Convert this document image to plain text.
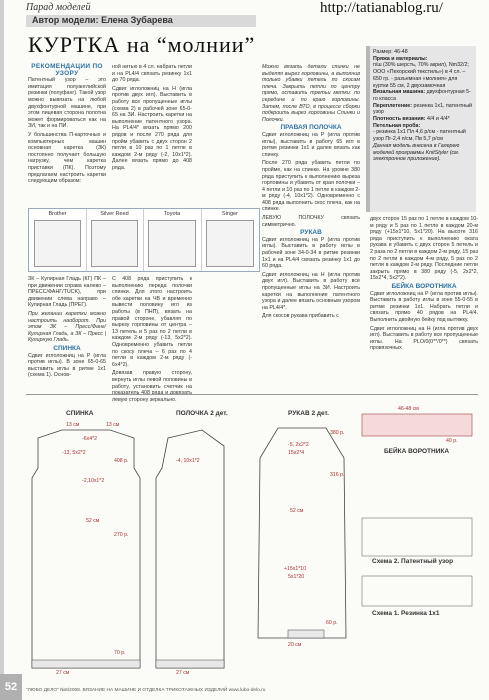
Парад моделей	http://tatianablog.ru/
Автор модели: Елена Зубарева
КУРТКА на “молнии”
РЕКОМЕНДАЦИИ ПО УЗОРУ

Патентный узор – это имитация полуанглийской резинки (полуфанг). Такой узор можно вывязать на любой двухфонтурной машине, при этом лицевая сторона полотна может формироваться как на ЗИ, так и на ПИ.

У большинства П-карточных и компьютерных машин основная каретка (ЗК) постоянно получает большую нагрузку, чем каретка приставки (ПК). Поэтому предлагаем настроить каретки следующим образом:

Brother	Silver Reed	Toyota	Singer

ЗК – Кулирная Гладь (КГ) ПК – при движении справа налево – ПРЕСС/ФАНГ/TUCK), при движении слева направо – Кулирная Гладь (ПРЕГ).

При желании каретки можно настроить наоборот. При этом ЗК – Пресс/Фанг/Кулирная Гладь, а ЗК – Пресс | Кулирную Гладь.

СПИНКА

Сдвиг иглоложниц на Р (игла против иглы). В зоне 65-0-65 выставить иглы в ритме 1х1 (схема 1). Основ-

ной нитью в 4 сл. набрать петли и на PL4/4 связать резинку 1х1 до 70 ряда.

Сдвиг иглоложниц на Н (игла против двух игл). Выставить в работу все пропущенные иглы (схема 2) в рабочей зоне 65-0-65 на ЗИ. Настроить каретки на выполнение патентного узора. На PL4/4* вязать прямо 200 рядов и после 270 ряда для пройм убавить с двух сторон 2 петли в 10 раз по 1 петле в каждом 2-м ряду (-2, 10x1*2). Далее вязать прямо до 408 ряда.

С 408 ряда приступить к выполнению переда полочки спинки. Для этого настроить обе каретки на ЧВ и временно вывести половину игл из работы (в ПНП), вязать на правой стороне, убавляя по вырезу горловины от центра – 13 петель и 5 раз по 2 петли в каждом 2-м ряду (-13, 5x2*2). Одновременно убавить петли по скосу плеча – 6 раз по 4 петли в каждом 2-м ряду (- 6x4*2).

Довязав правую сторону, вернуть иглы левой половины в работу, установить счетчик на левую сторону зеркально.

Можно вязать детали спинки не выделяя вырез горловины, а выполнив только убавки петель по скосам плеча. Закрыть петли по центру прямо, оставить третьи метки: по середине и по краю горловины. Затем, после ВТО, в процессе сборки подкроить вырез горловины Спинки и Полочки.

ПРАВАЯ ПОЛОЧКА

Сдвиг иглоложниц на Р (игла против иглы), выставить в работу 65 игл в ритме резинки 1х1 и далее вязать как спинку.

После 270 ряда убавить петли по пройме, как на спинке. На уровне 380 ряда приступить к выполнению выреза горловины и убавить от края полочки – 4 петли и 10 раз по 1 петле в каждом 2-м ряду (-4, 10x1*2). Одновременно с 408 ряда выполнить скос плеча, как на спинке.

ЛЕВУЮ ПОЛОЧКУ связать симметрично.

РУКАВ

Сдвиг иглоложниц на Р (игла против иглы). Выставить в работу иглы в рабочей зоне 34-0-34 в ритме резинки 1х1 и на PL4/4 связать резинку 1х1 до 60 ряда.

Сдвиг иглоложниц на Н (игла против двух игл). Выставить в работу все пропущенные иглы на ЗИ. Настроить каретки на выполнение патентного узора и далее вязать основным узором на PL4/4*.

Для скосов рукава прибавить с

Размер: 46-48
Пряжа и материалы:
п/ш (30% шерсть, 70% акрил), Nm32/2; ООО «Пехорский текстиль») в 4 сл. – 650 гр. - разъемная «молния» для куртки 55 см, 2 двухзамочная
Вязальная машина: двухфонтурная 5-го класса
Переплетение: резинка 1х1, патентный узор
Плотность вязания: 4/4 и 4/4*
Петельная проба:
- резинка 1х1 Пл 4,6 р/см - патентный узор Пг-2,4 п/см, Пв 5,7 р/см
Данная модель внесена в Галерею моделей программы KnitStyler (см. электронное приложение).

двух сторон 15 раз по 1 петле в каждом 10-м ряду и 5 раз по 1 петле в каждом 20-м ряду (+15x1*10, 5x1*20). На высоте 316 ряда приступить к выполнению оката рукава и убавить с двух сторон 5 петель и 2 раза по 2 петли в каждом 2-м ряду, 15 раз по 2 петли в каждом 4-м ряду, 5 раз по 2 петли в каждом 2-м ряду. Последние петли закрыть прямо в 380 ряду (-5, 2x2*2, 15x2*4, 5x2*2).

БЕЙКА ВОРОТНИКА

Сдвиг иглоложниц на Р (игла против иглы). Выставить в работу иглы в зоне 55-0-55 в ритме резинки 1х1. Набрать петли и связать прямо 40 рядов на PL4/4. Выполнить двойную бейку под вытяжку.

Сдвиг иглоложниц на Н (игла против двух игл). Выставить в работу все пропущенные иглы. На PLO/0(0**/0**) связать провязочных

СПИНКА	ПОЛОЧКА 2 дет.	РУКАВ 2 дет.
БЕЙКА ВОРОТНИКА
Схема 2. Патентный узор
Схема 1. Резинка 1х1
27 см	27 см
52 см
52 см
13 см	13 см
20 см
46-48 см
70 р.
270 р.
408 р.
60 р.
316 р.
380 р.
40 р.
-6x4*2
-13, 5x2*2
-2,10x1*2
-4, 10x1*2
-5, 2x2*2
15x2*4
+15x1*10
5x1*20
52	“ЛЮБО ДЕЛО” №6/2008. ВЯЗАНИЕ НА МАШИНЕ И ОТДЕЛКА ТРИКОТАЖНЫХ ИЗДЕЛИЙ www.lubo-delo.ru
